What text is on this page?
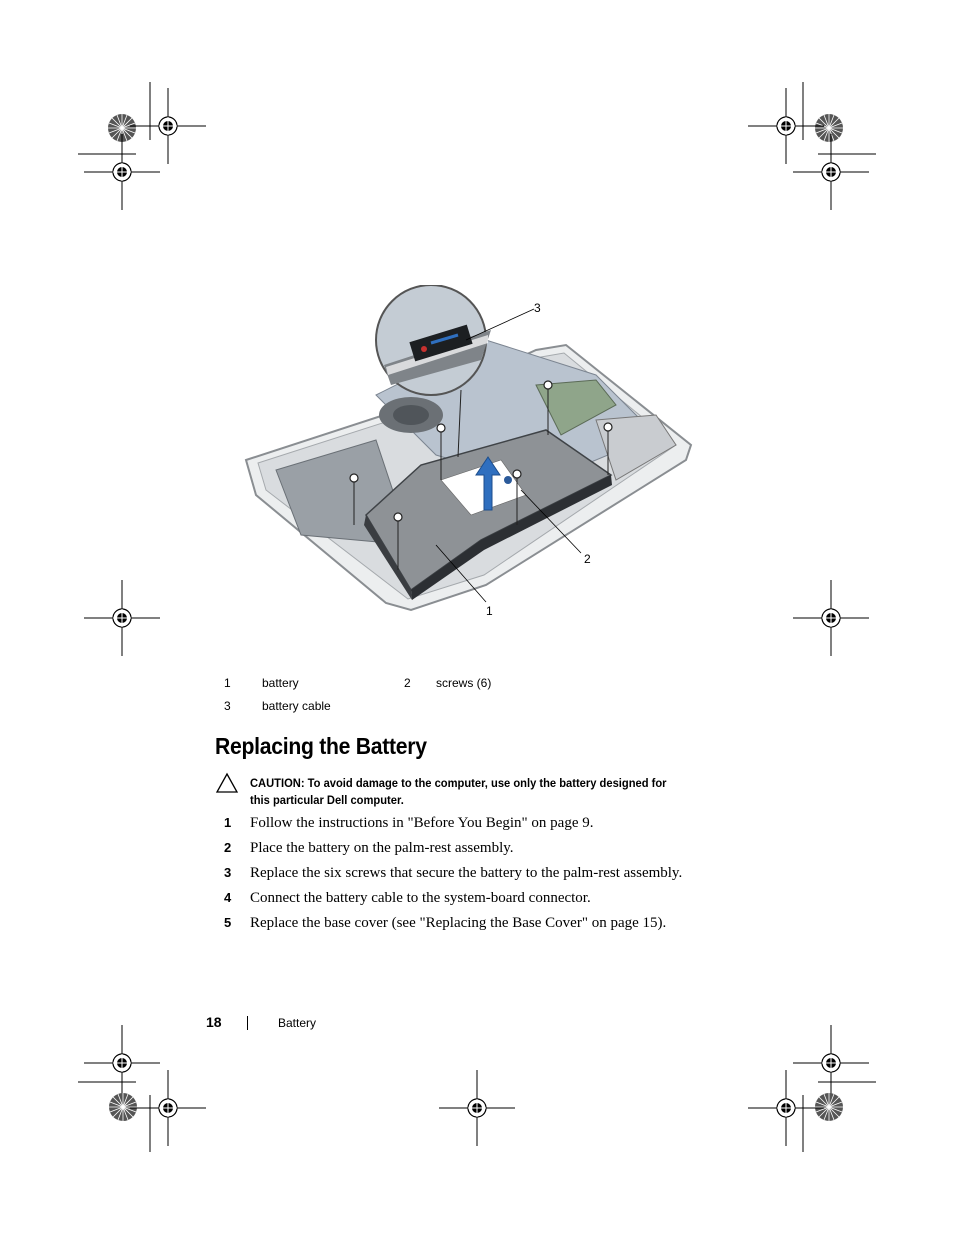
3
1
2
1	battery	2	screws (6)
3	battery cable		
Replacing the Battery
CAUTION: To avoid damage to the computer, use only the battery designed for this particular Dell computer.
1	Follow the instructions in "Before You Begin" on page 9.
2	Place the battery on the palm-rest assembly.
3	Replace the six screws that secure the battery to the palm-rest assembly.
4	Connect the battery cable to the system-board connector.
5	Replace the base cover (see "Replacing the Base Cover" on page 15).
18	Battery
